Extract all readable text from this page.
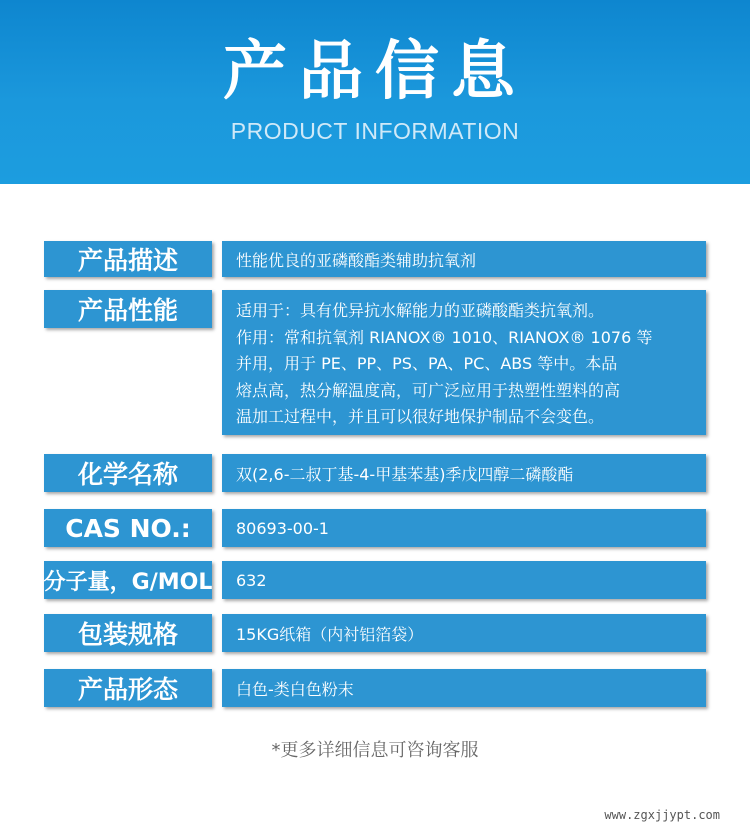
产品信息
PRODUCT INFORMATION
产品描述	性能优良的亚磷酸酯类辅助抗氧剂
产品性能	适用于：具有优异抗水解能力的亚磷酸酯类抗氧剂。
作用：常和抗氧剂 RIANOX® 1010、RIANOX® 1076 等
并用，用于 PE、PP、PS、PA、PC、ABS 等中。本品
熔点高，热分解温度高，可广泛应用于热塑性塑料的高
温加工过程中，并且可以很好地保护制品不会变色。
化学名称	双(2,6-二叔丁基-4-甲基苯基)季戊四醇二磷酸酯
CAS NO.:	80693-00-1
分子量，G/MOL	632
包装规格	15KG纸箱（内衬铝箔袋）
产品形态	白色-类白色粉末
*更多详细信息可咨询客服
www.zgxjjypt.com
